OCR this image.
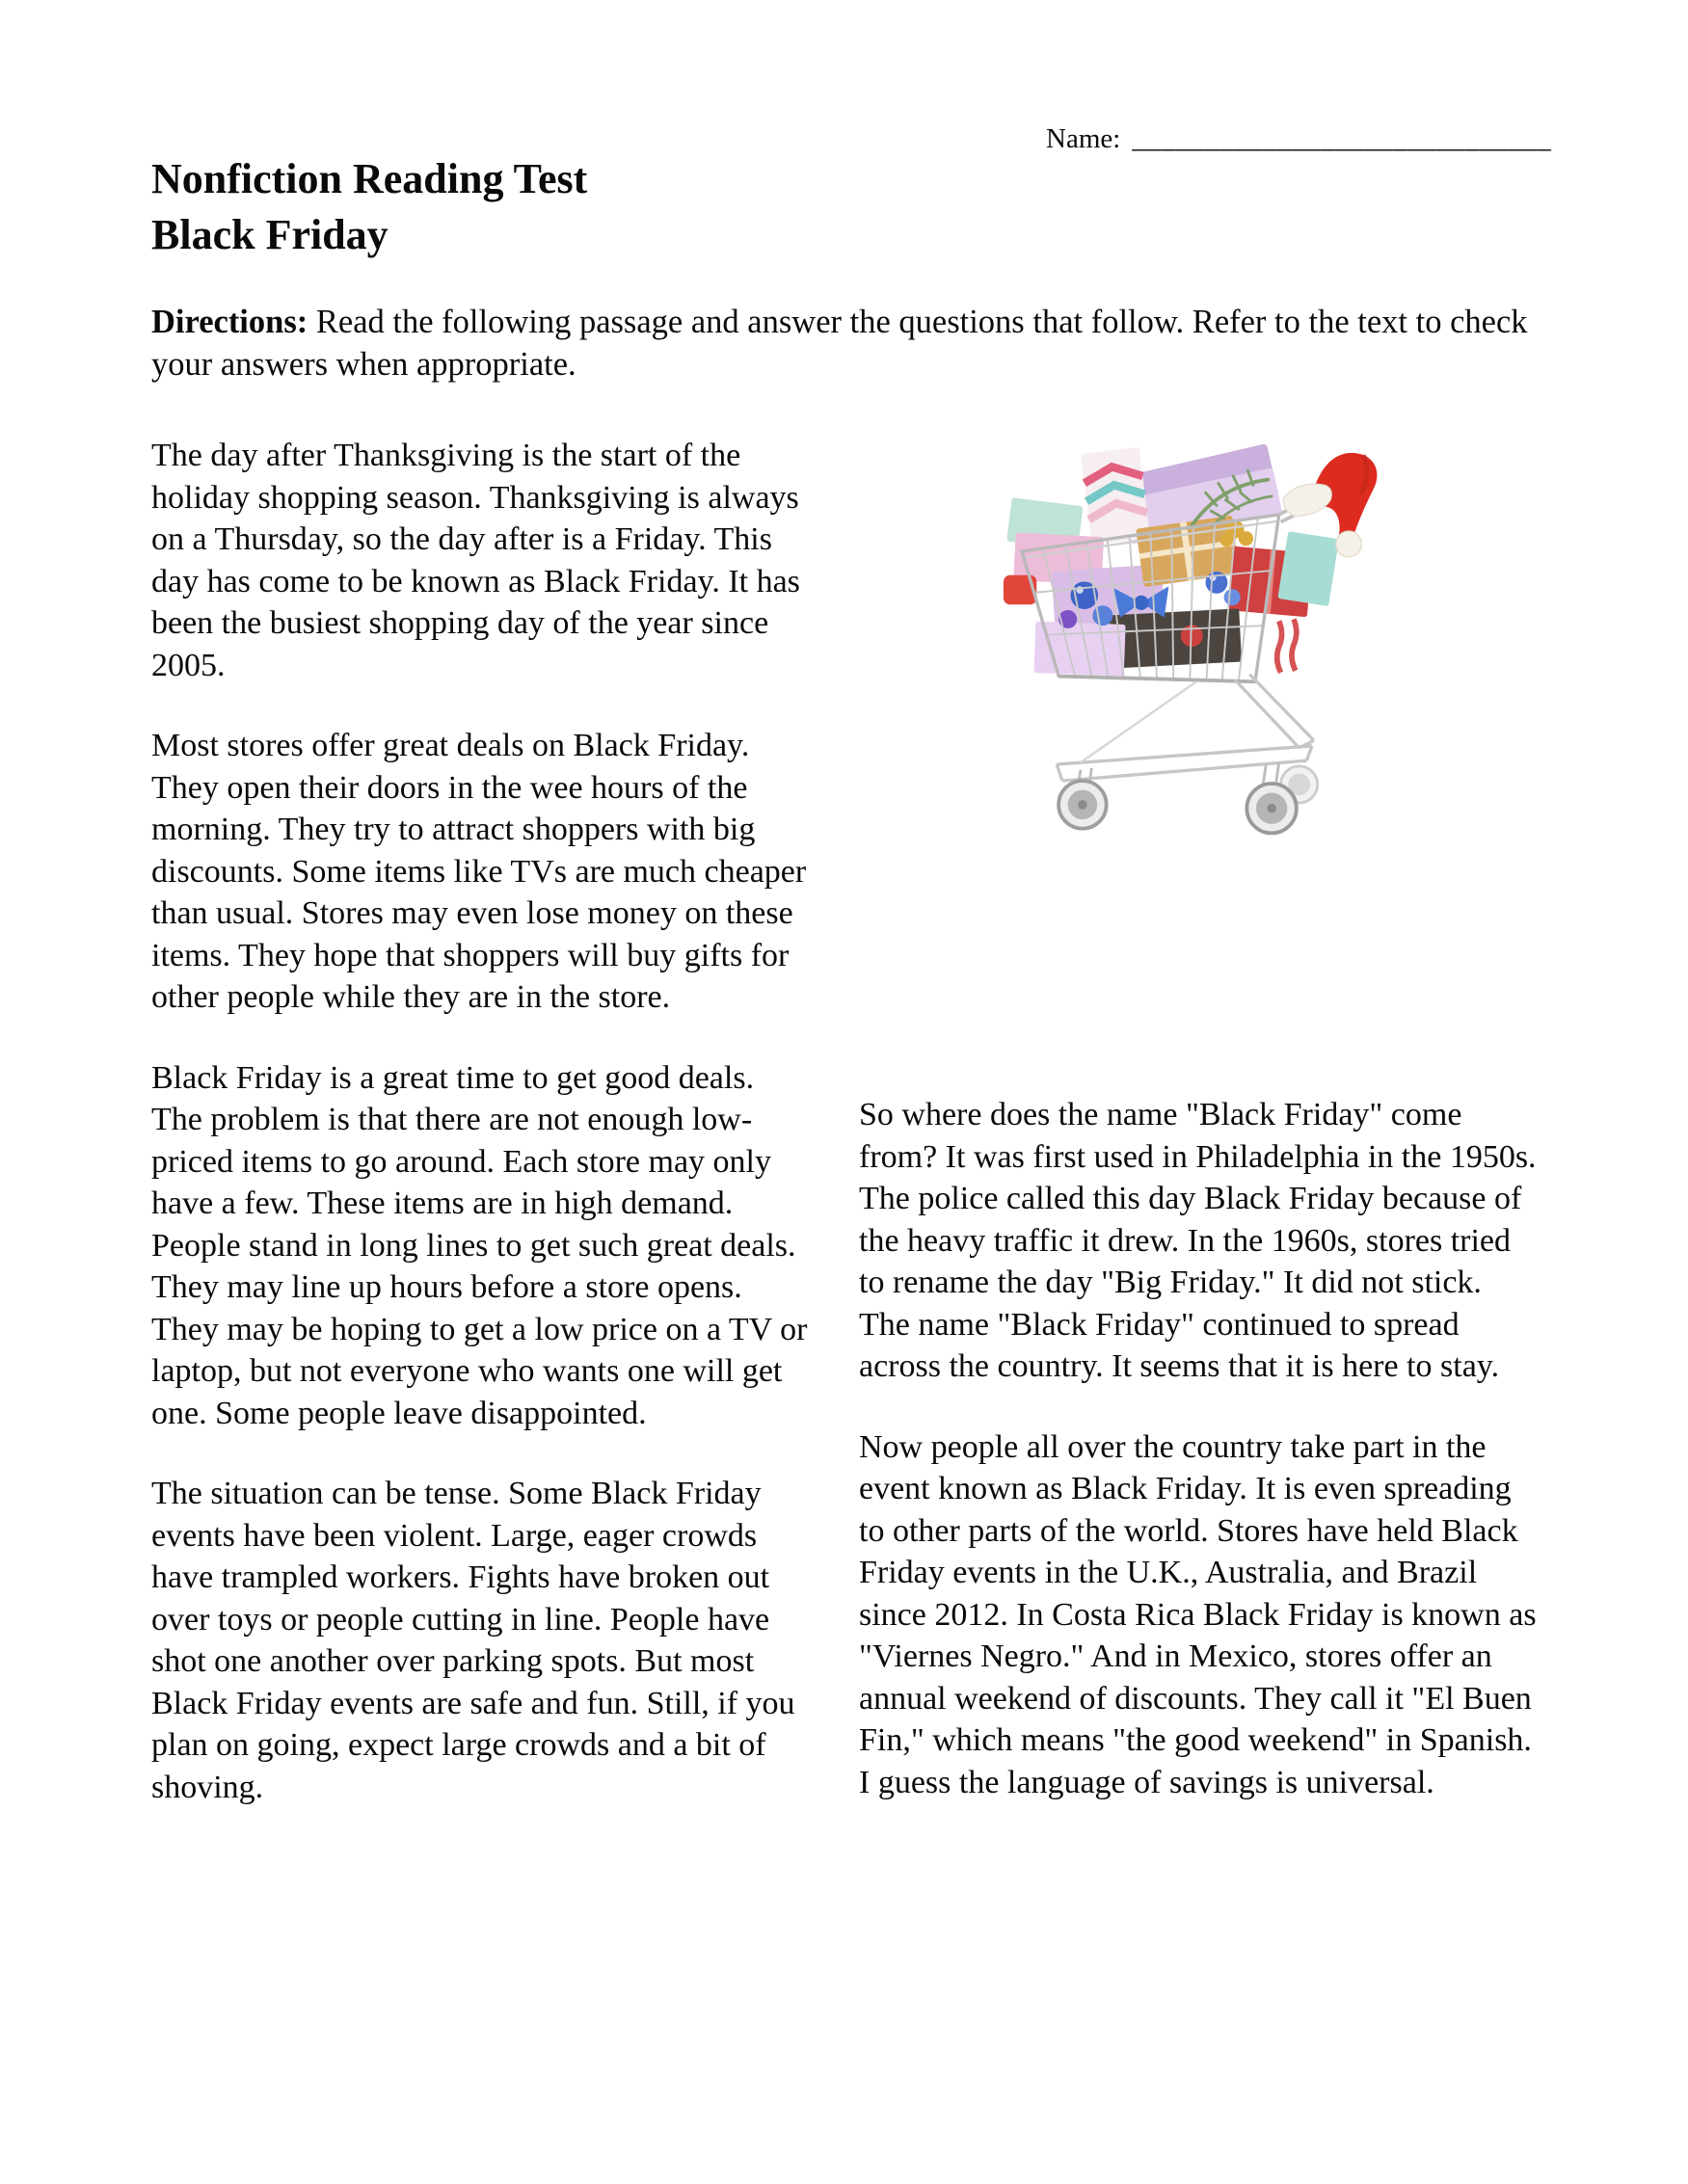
Name: _____________________________
Nonfiction Reading Test
Black Friday

Directions: Read the following passage and answer the questions that follow. Refer to the text to check your answers when appropriate.

The day after Thanksgiving is the start of the holiday shopping season. Thanksgiving is always on a Thursday, so the day after is a Friday. This day has come to be known as Black Friday. It has been the busiest shopping day of the year since 2005.

Most stores offer great deals on Black Friday. They open their doors in the wee hours of the morning. They try to attract shoppers with big discounts. Some items like TVs are much cheaper than usual. Stores may even lose money on these items. They hope that shoppers will buy gifts for other people while they are in the store.

Black Friday is a great time to get good deals. The problem is that there are not enough low-priced items to go around. Each store may only have a few. These items are in high demand. People stand in long lines to get such great deals. They may line up hours before a store opens. They may be hoping to get a low price on a TV or laptop, but not everyone who wants one will get one. Some people leave disappointed.

The situation can be tense. Some Black Friday events have been violent. Large, eager crowds have trampled workers. Fights have broken out over toys or people cutting in line. People have shot one another over parking spots. But most Black Friday events are safe and fun. Still, if you plan on going, expect large crowds and a bit of shoving.

So where does the name "Black Friday" come from? It was first used in Philadelphia in the 1950s. The police called this day Black Friday because of the heavy traffic it drew. In the 1960s, stores tried to rename the day "Big Friday." It did not stick. The name "Black Friday" continued to spread across the country. It seems that it is here to stay.

Now people all over the country take part in the event known as Black Friday. It is even spreading to other parts of the world. Stores have held Black Friday events in the U.K., Australia, and Brazil since 2012. In Costa Rica Black Friday is known as "Viernes Negro." And in Mexico, stores offer an annual weekend of discounts. They call it "El Buen Fin," which means "the good weekend" in Spanish. I guess the language of savings is universal.
